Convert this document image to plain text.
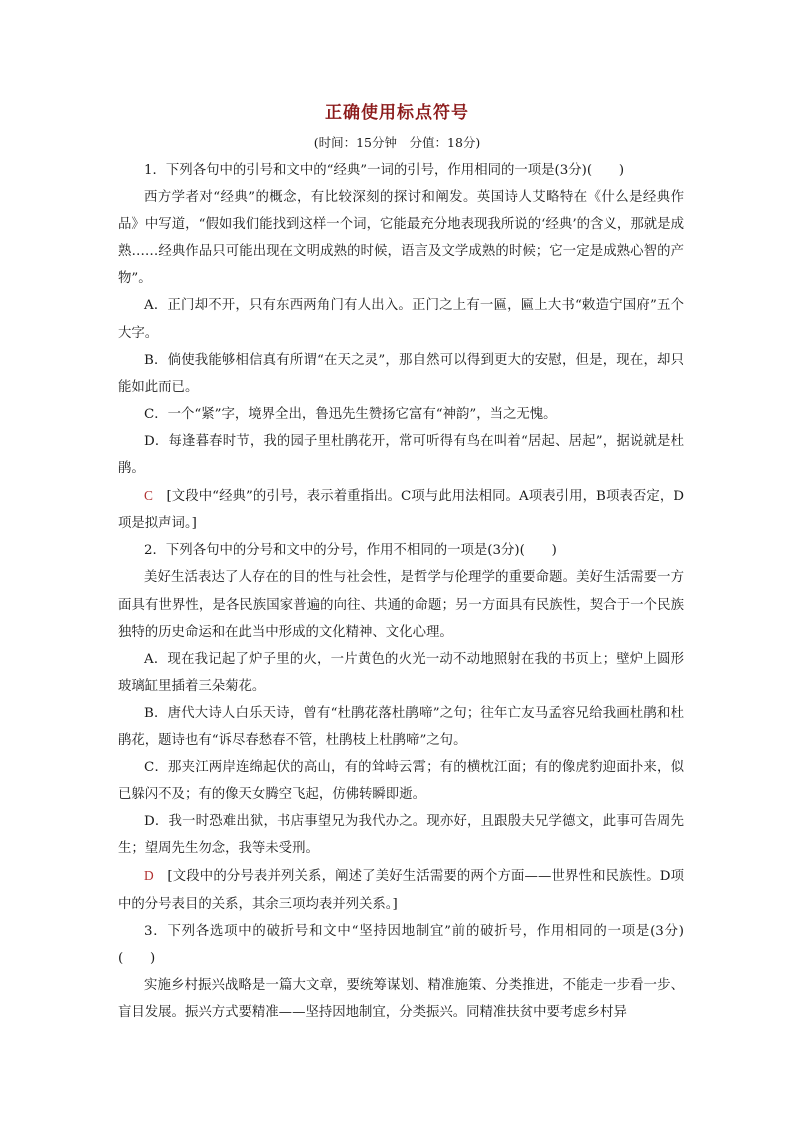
正确使用标点符号
(时间：15分钟　分值：18分)

1．下列各句中的引号和文中的“经典”一词的引号，作用相同的一项是(3分)(　　)

西方学者对“经典”的概念，有比较深刻的探讨和阐发。英国诗人艾略特在《什么是经典作品》中写道，“假如我们能找到这样一个词，它能最充分地表现我所说的‘经典’的含义，那就是成熟……经典作品只可能出现在文明成熟的时候，语言及文学成熟的时候；它一定是成熟心智的产物”。

A．正门却不开，只有东西两角门有人出入。正门之上有一匾，匾上大书“敕造宁国府”五个大字。

B．倘使我能够相信真有所谓“在天之灵”，那自然可以得到更大的安慰，但是，现在，却只能如此而已。

C．一个“紧”字，境界全出，鲁迅先生赞扬它富有“神韵”，当之无愧。

D．每逢暮春时节，我的园子里杜鹃花开，常可听得有鸟在叫着“居起、居起”，据说就是杜鹃。

C　 [文段中“经典”的引号，表示着重指出。C项与此用法相同。A项表引用，B项表否定，D项是拟声词。]

2．下列各句中的分号和文中的分号，作用不相同的一项是(3分)(　　)

美好生活表达了人存在的目的性与社会性，是哲学与伦理学的重要命题。美好生活需要一方面具有世界性，是各民族国家普遍的向往、共通的命题；另一方面具有民族性，契合于一个民族独特的历史命运和在此当中形成的文化精神、文化心理。

A．现在我记起了炉子里的火，一片黄色的火光一动不动地照射在我的书页上；壁炉上圆形玻璃缸里插着三朵菊花。

B．唐代大诗人白乐天诗，曾有“杜鹃花落杜鹃啼”之句；往年亡友马孟容兄给我画杜鹃和杜鹃花，题诗也有“诉尽春愁春不管，杜鹃枝上杜鹃啼”之句。

C．那夹江两岸连绵起伏的高山，有的耸峙云霄；有的横枕江面；有的像虎豹迎面扑来，似已躲闪不及；有的像天女腾空飞起，仿佛转瞬即逝。

D．我一时恐难出狱，书店事望兄为我代办之。现亦好，且跟殷夫兄学德文，此事可告周先生；望周先生勿念，我等未受刑。

D　 [文段中的分号表并列关系，阐述了美好生活需要的两个方面——世界性和民族性。D项中的分号表目的关系，其余三项均表并列关系。]

3．下列各选项中的破折号和文中“坚持因地制宜”前的破折号，作用相同的一项是(3分)(　　)

实施乡村振兴战略是一篇大文章，要统筹谋划、精准施策、分类推进，不能走一步看一步、盲目发展。振兴方式要精准——坚持因地制宜，分类振兴。同精准扶贫中要考虑乡村异
